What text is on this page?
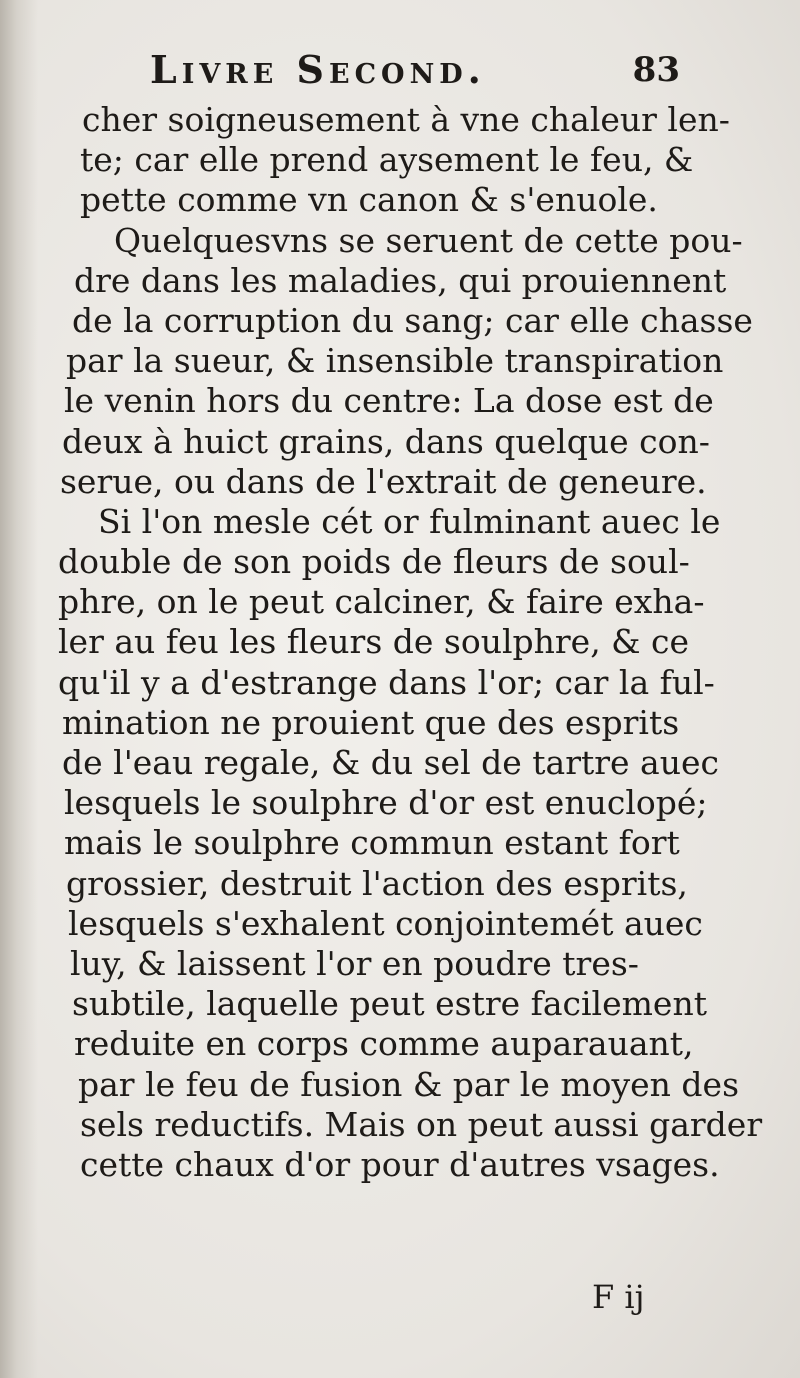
Livre Second.	83
cher soigneusement à vne chaleur len-
te; car elle prend aysement le feu, &
pette comme vn canon & s'enuole.
Quelquesvns se seruent de cette pou-
dre dans les maladies, qui prouiennent
de la corruption du sang; car elle chasse
par la sueur, & insensible transpiration
le venin hors du centre: La dose est de
deux à huict grains, dans quelque con-
serue, ou dans de l'extrait de geneure.
Si l'on mesle cét or fulminant auec le
double de son poids de fleurs de soul-
phre, on le peut calciner, & faire exha-
ler au feu les fleurs de soulphre, & ce
qu'il y a d'estrange dans l'or; car la ful-
mination ne prouient que des esprits
de l'eau regale, & du sel de tartre auec
lesquels le soulphre d'or est enuclopé;
mais le soulphre commun estant fort
grossier, destruit l'action des esprits,
lesquels s'exhalent conjointemét auec
luy, & laissent l'or en poudre tres-
subtile, laquelle peut estre facilement
reduite en corps comme auparauant,
par le feu de fusion & par le moyen des
sels reductifs. Mais on peut aussi garder
cette chaux d'or pour d'autres vsages.
F ij
